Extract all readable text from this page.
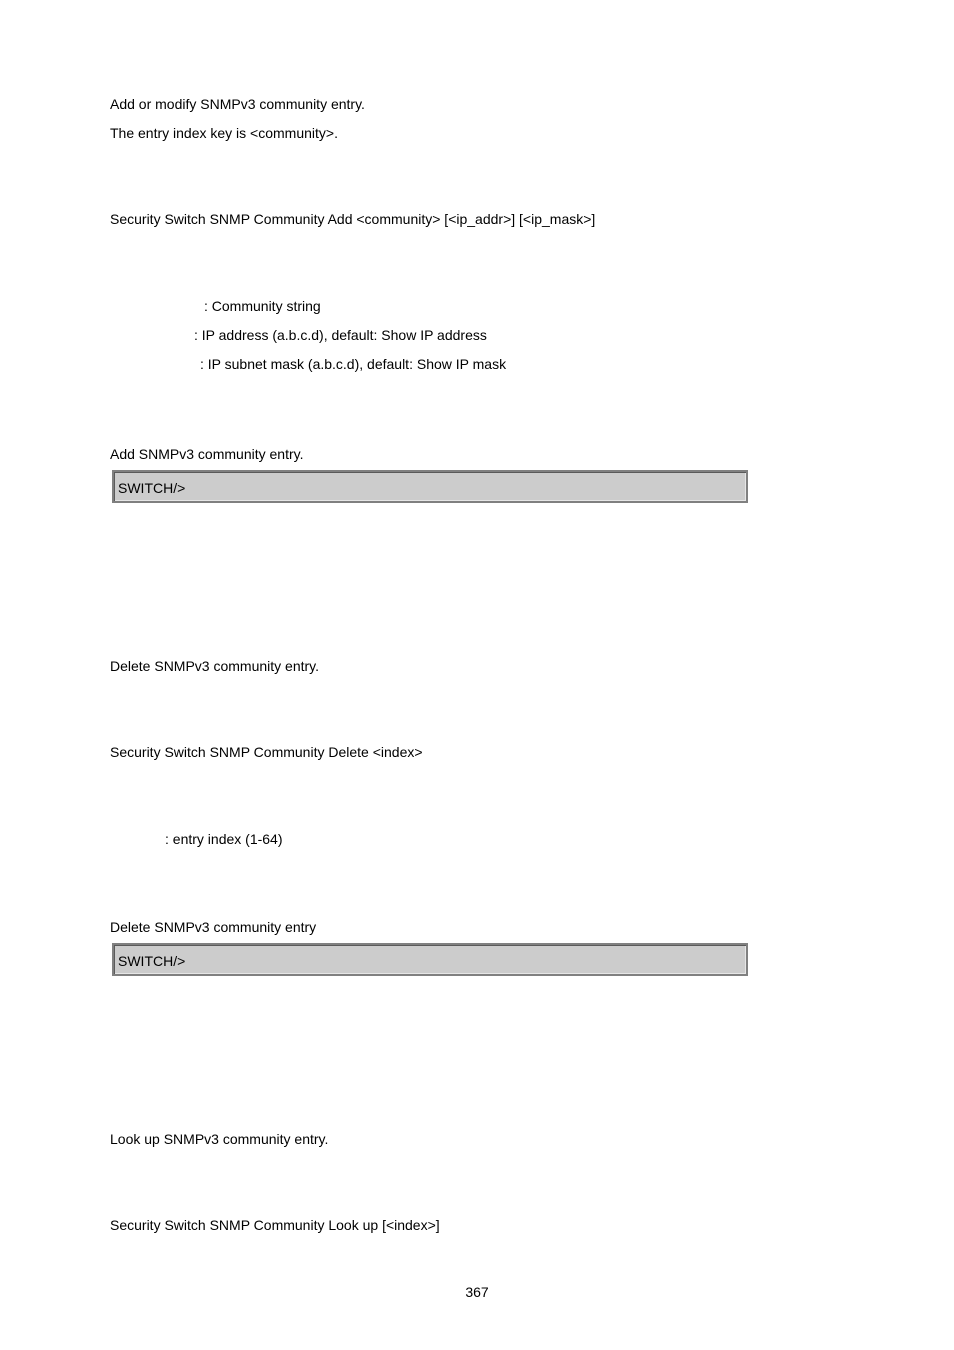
Add or modify SNMPv3 community entry.
The entry index key is <community>.
Security Switch SNMP Community Add <community> [<ip_addr>] [<ip_mask>]
: Community string
: IP address (a.b.c.d), default: Show IP address
: IP subnet mask (a.b.c.d), default: Show IP mask
Add SNMPv3 community entry.
SWITCH/>
Delete SNMPv3 community entry.
Security Switch SNMP Community Delete <index>
: entry index (1-64)
Delete SNMPv3 community entry
SWITCH/>
Look up SNMPv3 community entry.
Security Switch SNMP Community Look up [<index>]
367
